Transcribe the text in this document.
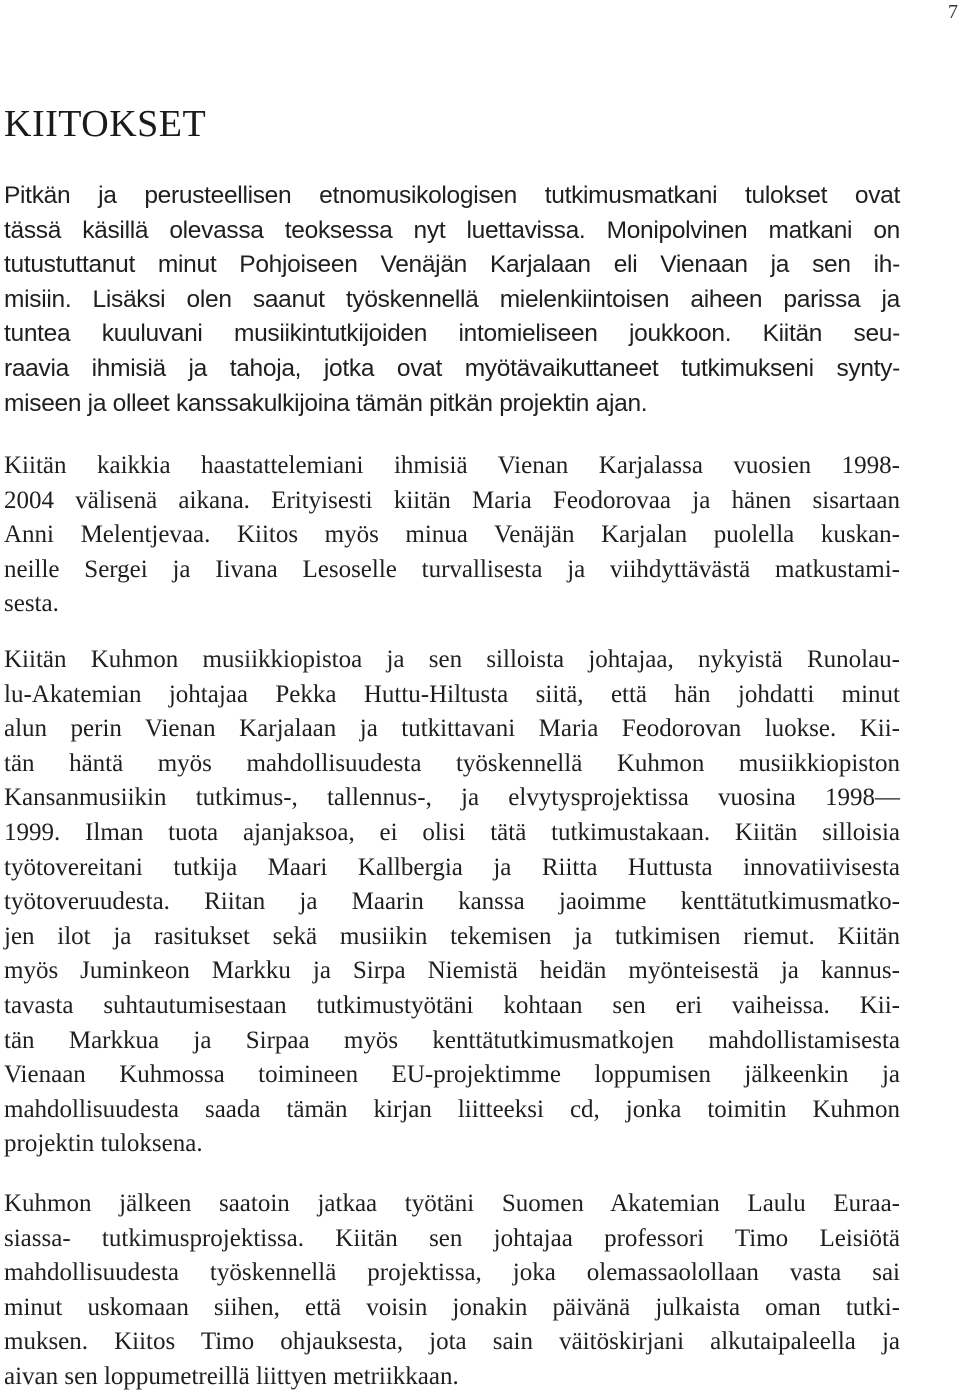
7
KIITOKSET
Pitkän ja perusteellisen etnomusikologisen tutkimusmatkani tulokset ovat
tässä käsillä olevassa teoksessa nyt luettavissa. Monipolvinen matkani on
tutustuttanut minut Pohjoiseen Venäjän Karjalaan eli Vienaan ja sen ih-
misiin. Lisäksi olen saanut työskennellä mielenkiintoisen aiheen parissa ja
tuntea kuuluvani musiikintutkijoiden intomieliseen joukkoon. Kiitän seu-
raavia ihmisiä ja tahoja, jotka ovat myötävaikuttaneet tutkimukseni synty-
miseen ja olleet kanssakulkijoina tämän pitkän projektin ajan.
Kiitän kaikkia haastattelemiani ihmisiä Vienan Karjalassa vuosien 1998-
2004 välisenä aikana. Erityisesti kiitän Maria Feodorovaa ja hänen sisartaan
Anni Melentjevaa. Kiitos myös minua Venäjän Karjalan puolella kuskan-
neille Sergei ja Iivana Lesoselle turvallisesta ja viihdyttävästä matkustami-
sesta.
Kiitän Kuhmon musiikkiopistoa ja sen silloista johtajaa, nykyistä Runolau-
lu-Akatemian johtajaa Pekka Huttu-Hiltusta siitä, että hän johdatti minut
alun perin Vienan Karjalaan ja tutkittavani Maria Feodorovan luokse. Kii-
tän häntä myös mahdollisuudesta työskennellä Kuhmon musiikkiopiston
Kansanmusiikin tutkimus-, tallennus-, ja elvytysprojektissa vuosina 1998—
1999. Ilman tuota ajanjaksoa, ei olisi tätä tutkimustakaan. Kiitän silloisia
työtovereitani tutkija Maari Kallbergia ja Riitta Huttusta innovatiivisesta
työtoveruudesta. Riitan ja Maarin kanssa jaoimme kenttätutkimusmatko-
jen ilot ja rasitukset sekä musiikin tekemisen ja tutkimisen riemut. Kiitän
myös Juminkeon Markku ja Sirpa Niemistä heidän myönteisestä ja kannus-
tavasta suhtautumisestaan tutkimustyötäni kohtaan sen eri vaiheissa. Kii-
tän Markkua ja Sirpaa myös kenttätutkimusmatkojen mahdollistamisesta
Vienaan Kuhmossa toimineen EU-projektimme loppumisen jälkeenkin ja
mahdollisuudesta saada tämän kirjan liitteeksi cd, jonka toimitin Kuhmon
projektin tuloksena.
Kuhmon jälkeen saatoin jatkaa työtäni Suomen Akatemian Laulu Euraa-
siassa- tutkimusprojektissa. Kiitän sen johtajaa professori Timo Leisiötä
mahdollisuudesta työskennellä projektissa, joka olemassaolollaan vasta sai
minut uskomaan siihen, että voisin jonakin päivänä julkaista oman tutki-
muksen. Kiitos Timo ohjauksesta, jota sain väitöskirjani alkutaipaleella ja
aivan sen loppumetreillä liittyen metriikkaan.
